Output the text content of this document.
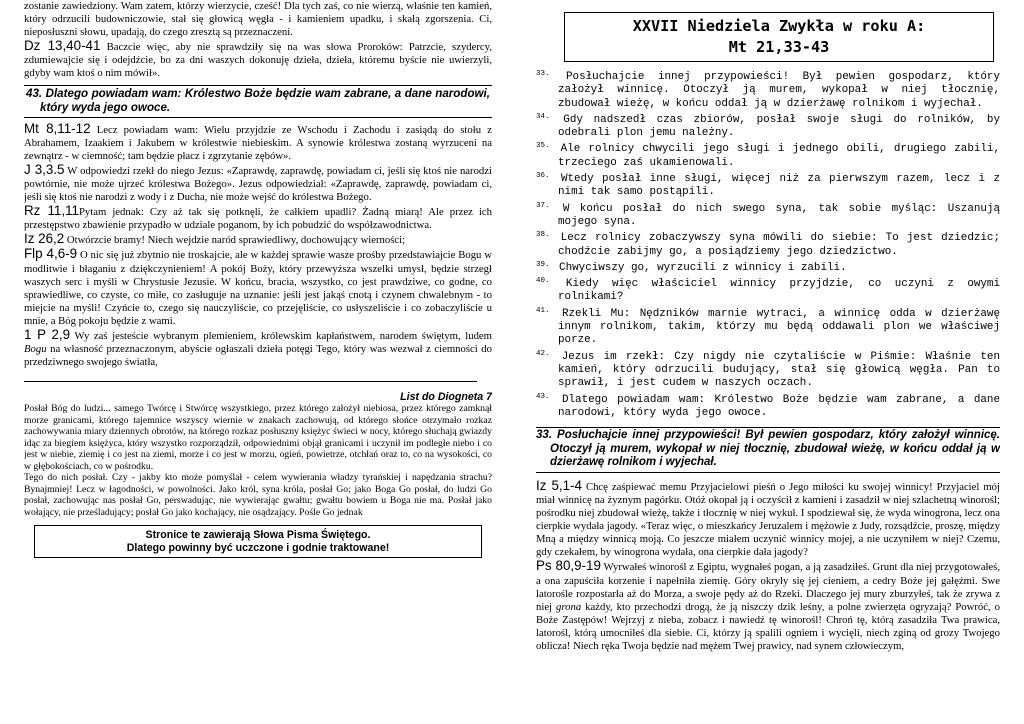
zostanie zawiedziony. Wam zatem, którzy wierzycie, cześć! Dla tych zaś, co nie wierzą, właśnie ten kamień, który odrzucili budowniczowie, stał się głowicą węgła - i kamieniem upadku, i skałą zgorszenia. Ci, nieposłuszni słowu, upadają, do czego zresztą są przeznaczeni.

Dz 13,40-41 Baczcie więc, aby nie sprawdziły się na was słowa Proroków: Patrzcie, szydercy, zdumiewajcie się i odejdźcie, bo za dni waszych dokonuję dzieła, dzieła, któremu byście nie uwierzyli, gdyby wam ktoś o nim mówił».

43. Dlatego powiadam wam: Królestwo Boże będzie wam zabrane, a dane narodowi, który wyda jego owoce.

Mt 8,11-12 Lecz powiadam wam: Wielu przyjdzie ze Wschodu i Zachodu i zasiądą do stołu z Abrahamem, Izaakiem i Jakubem w królestwie niebieskim. A synowie królestwa zostaną wyrzuceni na zewnątrz - w ciemność; tam będzie płacz i zgrzytanie zębów».

J 3,3.5 W odpowiedzi rzekł do niego Jezus: «Zaprawdę, zaprawdę, powiadam ci, jeśli się ktoś nie narodzi powtórnie, nie może ujrzeć królestwa Bożego». Jezus odpowiedział: «Zaprawdę, zaprawdę, powiadam ci, jeśli się ktoś nie narodzi z wody i z Ducha, nie może wejść do królestwa Bożego.

Rz 11,11Pytam jednak: Czy aż tak się potknęli, że całkiem upadli? Żadną miarą! Ale przez ich przestępstwo zbawienie przypadło w udziale poganom, by ich pobudzić do współzawodnictwa.

Iz 26,2 Otwórzcie bramy! Niech wejdzie naród sprawiedliwy, dochowujący wierności;

Flp 4,6-9 O nic się już zbytnio nie troskajcie, ale w każdej sprawie wasze prośby przedstawiajcie Bogu w modlitwie i błaganiu z dziękczynieniem! A pokój Boży, który przewyższa wszelki umysł, będzie strzegł waszych serc i myśli w Chrystusie Jezusie. W końcu, bracia, wszystko, co jest prawdziwe, co godne, co sprawiedliwe, co czyste, co miłe, co zasługuje na uznanie: jeśli jest jakąś cnotą i czynem chwalebnym - to miejcie na myśli! Czyńcie to, czego się nauczyliście, co przejęliście, co usłyszeliście i co zobaczyliście u mnie, a Bóg pokoju będzie z wami.

1 P 2,9 Wy zaś jesteście wybranym plemieniem, królewskim kapłaństwem, narodem świętym, ludem Bogu na własność przeznaczonym, abyście ogłaszali dzieła potęgi Tego, który was wezwał z ciemności do przedziwnego swojego światła,

List do Diogneta 7

Posłał Bóg do ludzi... samego Twórcę i Stwórcę wszystkiego, przez którego założył niebiosa, przez którego zamknął morze granicami, którego tajemnice wszyscy wiernie w znakach zachowują, od którego słońce otrzymało rozkaz zachowywania miary dziennych obrotów, na którego rozkaz posłuszny księżyc świeci w nocy, którego słuchają gwiazdy idąc za biegiem księżyca, który wszystko rozporządził, odpowiednimi objął granicami i uczynił im podległe niebo i co jest w niebie, ziemię i co jest na ziemi, morze i co jest w morzu, ogień, powietrze, otchłań oraz to, co na wysokości, co w głębokościach, co w pośrodku.

Tego do nich posłał. Czy - jakby kto może pomyślał - celem wywierania władzy tyrańskiej i napędzania strachu? Bynajmniej! Lecz w łagodności, w powolności. Jako król, syna króla, posłał Go; jako Boga Go posłał, do ludzi Go posłał, zachowując nas posłał Go, perswadując, nie wywierając gwałtu; gwałtu bowiem u Boga nie ma. Posłał jako wołający, nie prześladujący; posłał Go jako kochający, nie osądzający. Pośle Go jednak

Stronice te zawierają Słowa Pisma Świętego.
Dlatego powinny być uczczone i godnie traktowane!
XXVII Niedziela Zwykła w roku A:
Mt 21,33-43

$^{33.}$ Posłuchajcie innej przypowieści! Był pewien gospodarz, który założył winnicę. Otoczył ją murem, wykopał w niej tłocznię, zbudował wieżę, w końcu oddał ją w dzierżawę rolnikom i wyjechał.

$^{34.}$ Gdy nadszedł czas zbiorów, posłał swoje sługi do rolników, by odebrali plon jemu należny.

$^{35.}$ Ale rolnicy chwycili jego sługi i jednego obili, drugiego zabili, trzeciego zaś ukamienowali.

$^{36.}$ Wtedy posłał inne sługi, więcej niż za pierwszym razem, lecz i z nimi tak samo postąpili.

$^{37.}$ W końcu posłał do nich swego syna, tak sobie myśląc: Uszanują mojego syna.

$^{38.}$ Lecz rolnicy zobaczywszy syna mówili do siebie: To jest dziedzic; chodźcie zabijmy go, a posiądziemy jego dziedzictwo.

$^{39.}$ Chwyciwszy go, wyrzucili z winnicy i zabili.

$^{40.}$ Kiedy więc właściciel winnicy przyjdzie, co uczyni z owymi rolnikami?

$^{41.}$ Rzekli Mu: Nędzników marnie wytraci, a winnicę odda w dzierżawę innym rolnikom, takim, którzy mu będą oddawali plon we właściwej porze.

$^{42.}$ Jezus im rzekł: Czy nigdy nie czytaliście w Piśmie: Właśnie ten kamień, który odrzucili budujący, stał się głowicą węgła. Pan to sprawił, i jest cudem w naszych oczach.

$^{43.}$ Dlatego powiadam wam: Królestwo Boże będzie wam zabrane, a dane narodowi, który wyda jego owoce.

33. Posłuchajcie innej przypowieści! Był pewien gospodarz, który założył winnicę. Otoczył ją murem, wykopał w niej tłocznię, zbudował wieżę, w końcu oddał ją w dzierżawę rolnikom i wyjechał.

Iz 5,1-4 Chcę zaśpiewać memu Przyjacielowi pieśń o Jego miłości ku swojej winnicy! Przyjaciel mój miał winnicę na żyznym pagórku. Otóż okopał ją i oczyścił z kamieni i zasadził w niej szlachetną winorośl; pośrodku niej zbudował wieżę, także i tłocznię w niej wykuł. I spodziewał się, że wyda winogrona, lecz ona cierpkie wydała jagody. «Teraz więc, o mieszkańcy Jeruzalem i mężowie z Judy, rozsądźcie, proszę, między Mną a między winnicą moją. Co jeszcze miałem uczynić winnicy mojej, a nie uczyniłem w niej? Czemu, gdy czekałem, by winogrona wydała, ona cierpkie dała jagody?

Ps 80,9-19 Wyrwałeś winorośl z Egiptu, wygnałeś pogan, a ją zasadziłeś. Grunt dla niej przygotowałeś, a ona zapuściła korzenie i napełniła ziemię. Góry okryły się jej cieniem, a cedry Boże jej gałęźmi. Swe latorośle rozpostarła aż do Morza, a swoje pędy aż do Rzeki. Dlaczego jej mury zburzyłeś, tak że zrywa z niej grona każdy, kto przechodzi drogą, że ją niszczy dzik leśny, a polne zwierzęta ogryzają? Powróć, o Boże Zastępów! Wejrzyj z nieba, zobacz i nawiedź tę winorośl! Chroń tę, którą zasadziła Twa prawica, latorośl, którą umocniłeś dla siebie. Ci, którzy ją spalili ogniem i wycięli, niech zginą od grozy Twojego oblicza! Niech ręka Twoja będzie nad mężem Twej prawicy, nad synem człowieczym,
